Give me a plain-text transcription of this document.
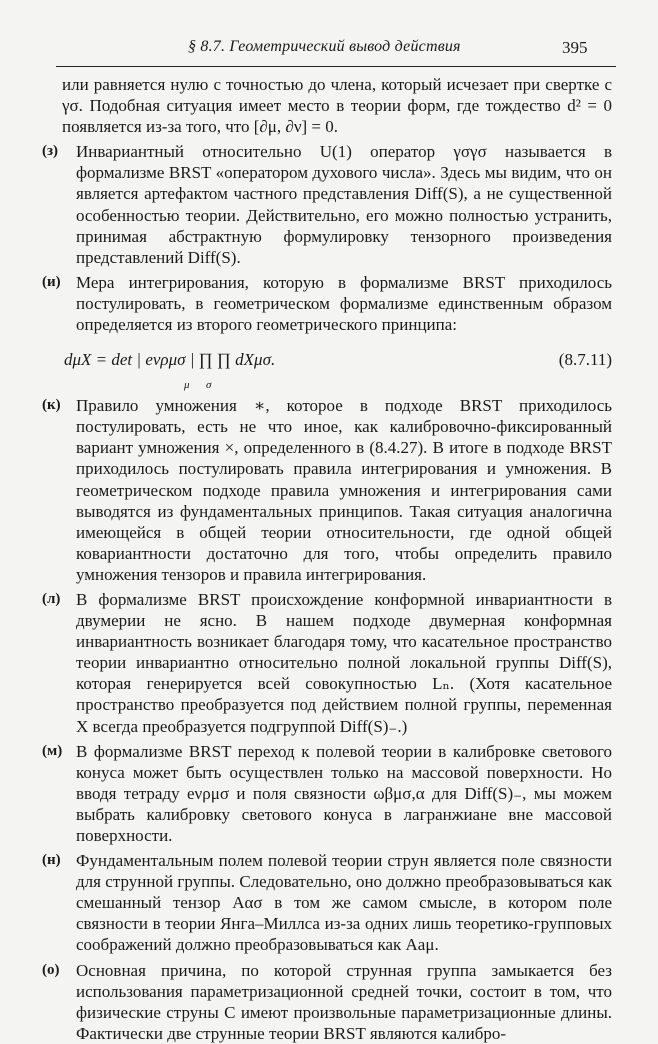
§ 8.7. Геометрический вывод действия	395

или равняется нулю с точностью до члена, который исчезает при свертке с γσ. Подобная ситуация имеет место в теории форм, где тождество d² = 0 появляется из-за того, что [∂μ, ∂ν] = 0.

(з) Инвариантный относительно U(1) оператор γσγσ называется в формализме BRST «оператором духового числа». Здесь мы видим, что он является артефактом частного представления Diff(S), а не существенной особенностью теории. Действительно, его можно полностью устранить, принимая абстрактную формулировку тензорного произведения представлений Diff(S).
(и) Мера интегрирования, которую в формализме BRST приходилось постулировать, в геометрическом формализме единственным образом определяется из второго геометрического принципа:
dμX = det | eνρμσ | ∏ ∏ dXμσ.
μ σ
(8.7.11)
(к) Правило умножения ∗, которое в подходе BRST приходилось постулировать, есть не что иное, как калибровочно-фиксированный вариант умножения ×, определенного в (8.4.27). В итоге в подходе BRST приходилось постулировать правила интегрирования и умножения. В геометрическом подходе правила умножения и интегрирования сами выводятся из фундаментальных принципов. Такая ситуация аналогична имеющейся в общей теории относительности, где одной общей ковариантности достаточно для того, чтобы определить правило умножения тензоров и правила интегрирования.
(л) В формализме BRST происхождение конформной инвариантности в двумерии не ясно. В нашем подходе двумерная конформная инвариантность возникает благодаря тому, что касательное пространство теории инвариантно относительно полной локальной группы Diff(S), которая генерируется всей совокупностью Lₙ. (Хотя касательное пространство преобразуется под действием полной группы, переменная X всегда преобразуется подгруппой Diff(S)₋.)
(м) В формализме BRST переход к полевой теории в калибровке светового конуса может быть осуществлен только на массовой поверхности. Но вводя тетраду eνρμσ и поля связности ωβμσ,α для Diff(S)₋, мы можем выбрать калибровку светового конуса в лагранжиане вне массовой поверхности.
(н) Фундаментальным полем полевой теории струн является поле связности для струнной группы. Следовательно, оно должно преобразовываться как смешанный тензор Aασ в том же самом смысле, в котором поле связности в теории Янга–Миллса из-за одних лишь теоретико-групповых соображений должно преобразовываться как Aaμ.
(о) Основная причина, по которой струнная группа замыкается без использования параметризационной средней точки, состоит в том, что физические струны C имеют произвольные параметризационные длины. Фактически две струнные теории BRST являются калибро-
